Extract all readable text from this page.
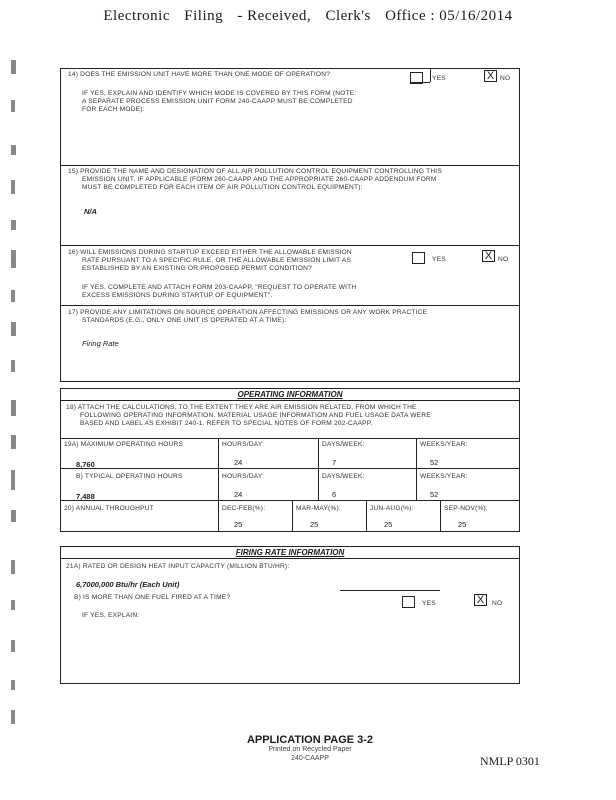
Electronic Filing - Received, Clerk's Office : 05/16/2014
14) DOES THE EMISSION UNIT HAVE MORE THAN ONE MODE OF OPERATION?
YES	X NO
IF YES, EXPLAIN AND IDENTIFY WHICH MODE IS COVERED BY THIS FORM (NOTE:
A SEPARATE PROCESS EMISSION UNIT FORM 240-CAAPP MUST BE COMPLETED
FOR EACH MODE):
15) PROVIDE THE NAME AND DESIGNATION OF ALL AIR POLLUTION CONTROL EQUIPMENT CONTROLLING THIS
EMISSION UNIT, IF APPLICABLE (FORM 260-CAAPP AND THE APPROPRIATE 260-CAAPP ADDENDUM FORM
MUST BE COMPLETED FOR EACH ITEM OF AIR POLLUTION CONTROL EQUIPMENT):
N/A
16) WILL EMISSIONS DURING STARTUP EXCEED EITHER THE ALLOWABLE EMISSION
RATE PURSUANT TO A SPECIFIC RULE, OR THE ALLOWABLE EMISSION LIMIT AS
ESTABLISHED BY AN EXISTING OR PROPOSED PERMIT CONDITION?
YES	X NO
IF YES, COMPLETE AND ATTACH FORM 203-CAAPP, "REQUEST TO OPERATE WITH
EXCESS EMISSIONS DURING STARTUP OF EQUIPMENT".
17) PROVIDE ANY LIMITATIONS ON SOURCE OPERATION AFFECTING EMISSIONS OR ANY WORK PRACTICE
STANDARDS (E.G., ONLY ONE UNIT IS OPERATED AT A TIME):
Firing Rate
OPERATING INFORMATION
18) ATTACH THE CALCULATIONS, TO THE EXTENT THEY ARE AIR EMISSION RELATED, FROM WHICH THE
FOLLOWING OPERATING INFORMATION, MATERIAL USAGE INFORMATION AND FUEL USAGE DATA WERE
BASED AND LABEL AS EXHIBIT 240-1. REFER TO SPECIAL NOTES OF FORM 202-CAAPP.
19A) MAXIMUM OPERATING HOURS
8,760
HOURS/DAY:
24
DAYS/WEEK:
7
WEEKS/YEAR:
52
B) TYPICAL OPERATING HOURS
7,488
HOURS/DAY:
24
DAYS/WEEK:
6
WEEKS/YEAR:
52
20) ANNUAL THROUGHPUT	DEC-FEB(%):
25
MAR-MAY(%):
25
JUN-AUG(%):
25
SEP-NOV(%):
25
FIRING RATE INFORMATION
21A) RATED OR DESIGN HEAT INPUT CAPACITY (MILLION BTU/HR):
6,7000,000 Btu/hr (Each Unit)
B) IS MORE THAN ONE FUEL FIRED AT A TIME?
YES	X	NO
IF YES, EXPLAIN:
APPLICATION PAGE 3-2
Printed on Recycled Paper
240-CAAPP	NMLP 0301
